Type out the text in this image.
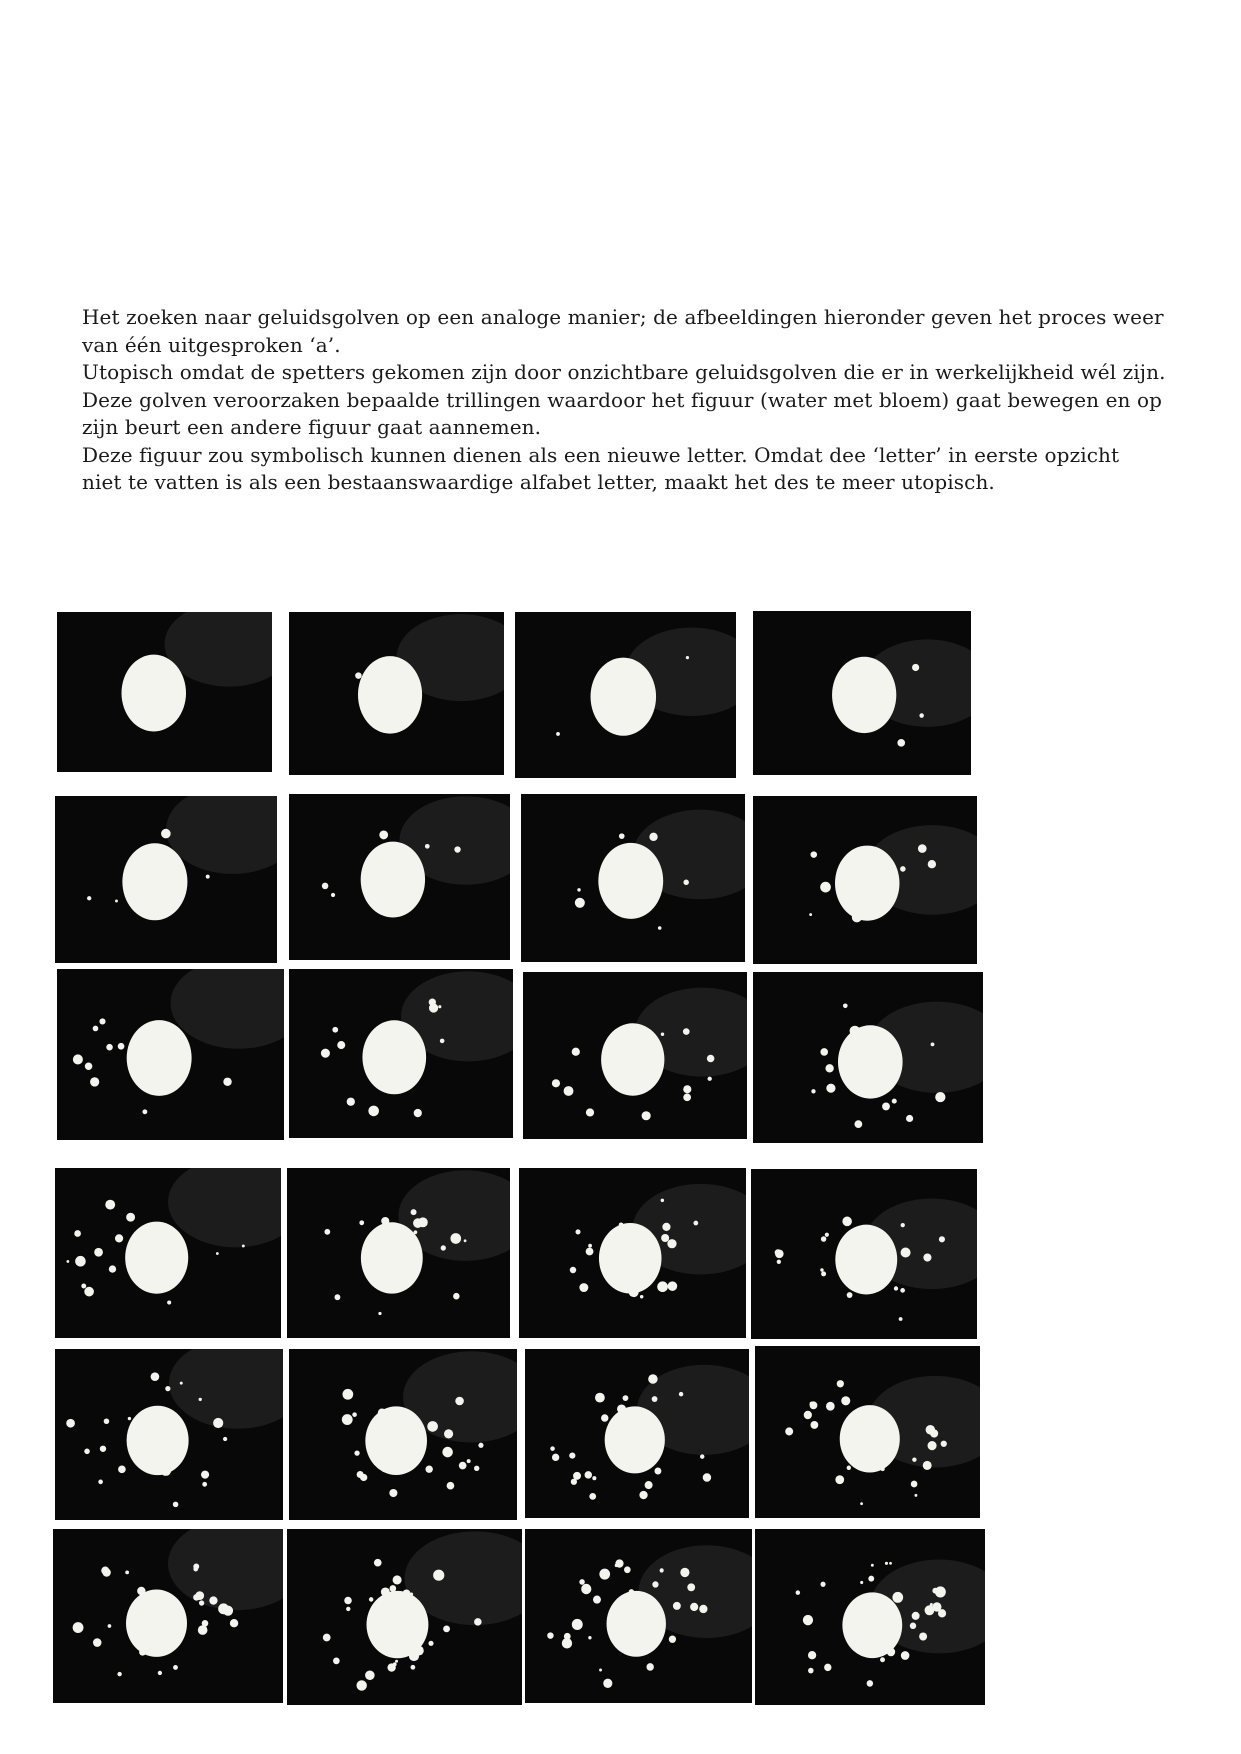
Het zoeken naar geluidsgolven op een analoge manier; de afbeeldingen hieronder geven het proces weer

van één uitgesproken ‘a’.

Utopisch omdat de spetters gekomen zijn door onzichtbare geluidsgolven die er in werkelijkheid wél zijn.

Deze golven veroorzaken bepaalde trillingen waardoor het figuur (water met bloem) gaat bewegen en op

zijn beurt een andere figuur gaat aannemen.

Deze figuur zou symbolisch kunnen dienen als een nieuwe letter. Omdat dee ‘letter’ in eerste opzicht

niet te vatten is als een bestaanswaardige alfabet letter, maakt het des te meer utopisch.
